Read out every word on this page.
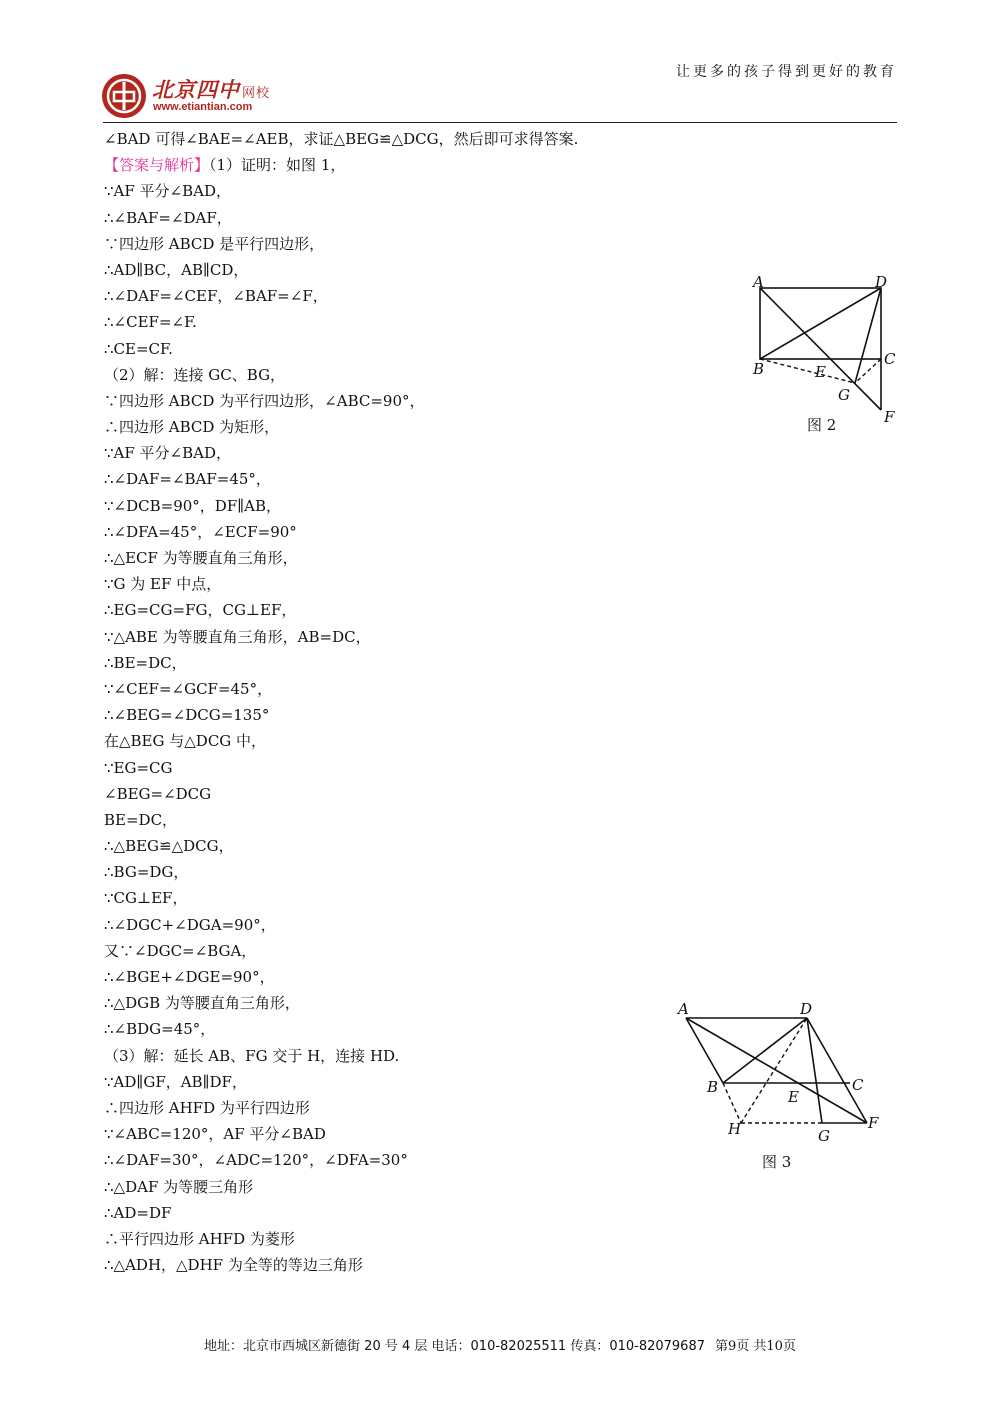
北京四中 网校
www.etiantian.com
让更多的孩子得到更好的教育
∠BAD 可得∠BAE=∠AEB，求证△BEG≌△DCG，然后即可求得答案.
【答案与解析】（1）证明：如图 1，
∵AF 平分∠BAD，
∴∠BAF=∠DAF，
∵四边形 ABCD 是平行四边形，
∴AD∥BC，AB∥CD，
∴∠DAF=∠CEF，∠BAF=∠F，
∴∠CEF=∠F.
∴CE=CF.
（2）解：连接 GC、BG，
∵四边形 ABCD 为平行四边形，∠ABC=90°，
∴四边形 ABCD 为矩形，
∵AF 平分∠BAD，
∴∠DAF=∠BAF=45°，
∵∠DCB=90°，DF∥AB，
∴∠DFA=45°，∠ECF=90°
∴△ECF 为等腰直角三角形，
∵G 为 EF 中点，
∴EG=CG=FG，CG⊥EF，
∵△ABE 为等腰直角三角形，AB=DC，
∴BE=DC，
∵∠CEF=∠GCF=45°，
∴∠BEG=∠DCG=135°
在△BEG 与△DCG 中，
∵EG=CG
∠BEG=∠DCG
BE=DC，
∴△BEG≌△DCG，
∴BG=DG，
∵CG⊥EF，
∴∠DGC+∠DGA=90°，
又∵∠DGC=∠BGA，
∴∠BGE+∠DGE=90°，
∴△DGB 为等腰直角三角形，
∴∠BDG=45°，
（3）解：延长 AB、FG 交于 H，连接 HD.
∵AD∥GF，AB∥DF，
∴四边形 AHFD 为平行四边形
∵∠ABC=120°，AF 平分∠BAD
∴∠DAF=30°，∠ADC=120°，∠DFA=30°
∴△DAF 为等腰三角形
∴AD=DF
∴平行四边形 AHFD 为菱形
∴△ADH，△DHF 为全等的等边三角形
A	D
B
C
E
G
F
图 2
A	D
B	C
E
H	G
F
图 3
地址：北京市西城区新德街 20 号 4 层 电话：010-82025511 传真：010-82079687 第9页 共10页
